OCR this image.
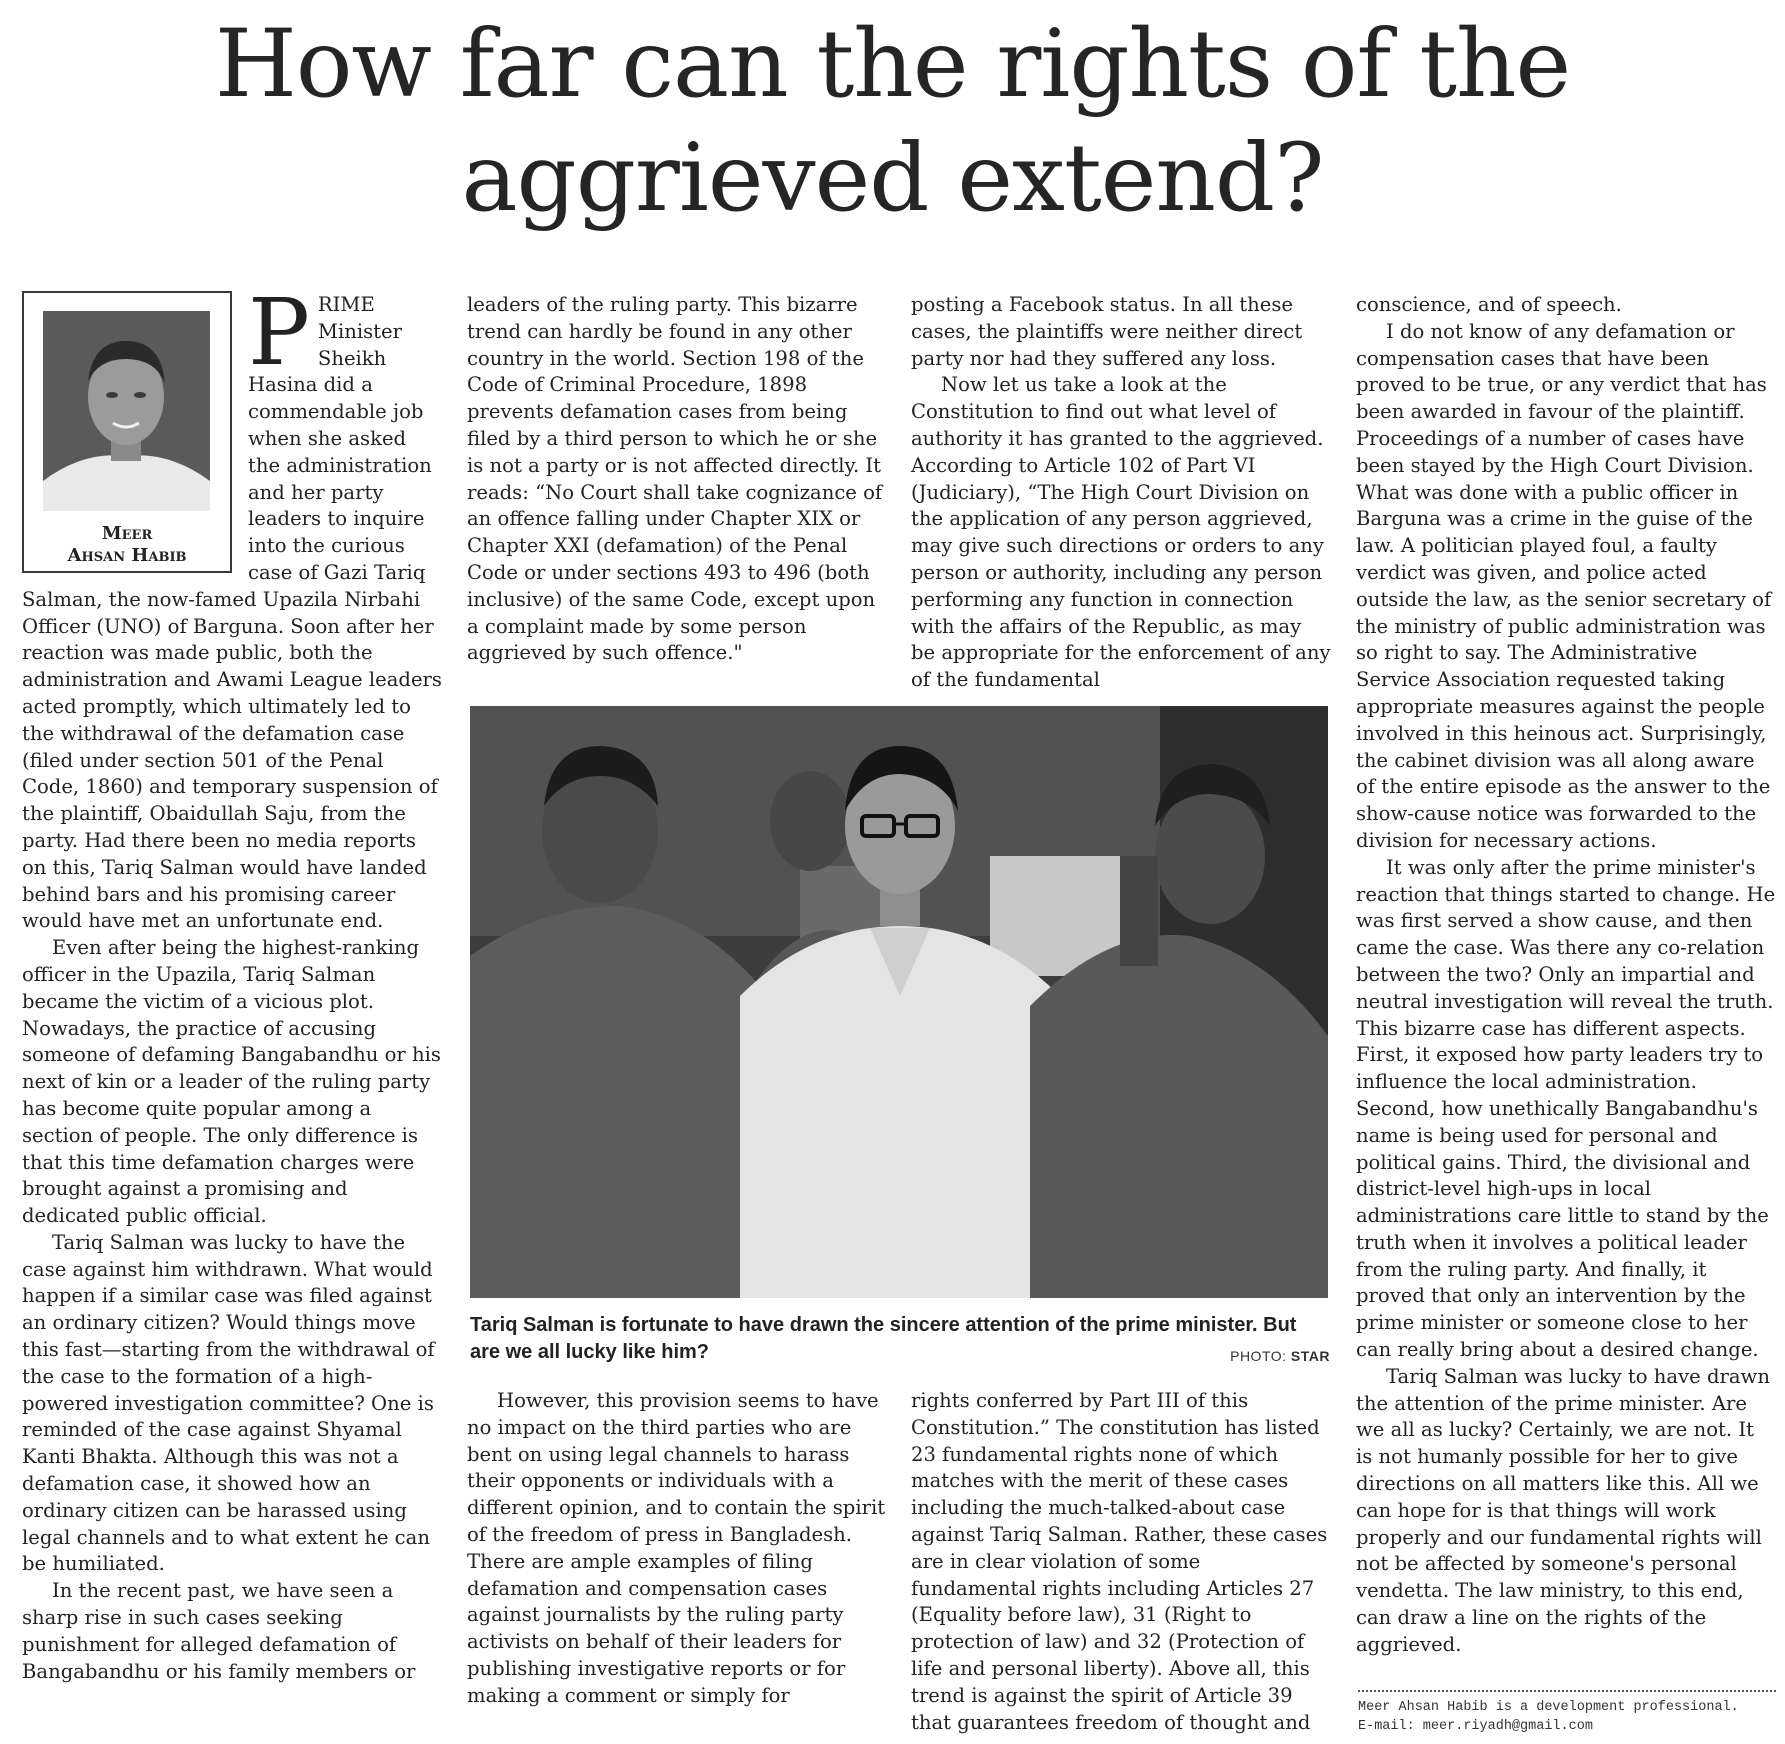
How far can the rights of the
aggrieved extend?
Meer
Ahsan Habib
P RIME Minister Sheikh Hasina did a commendable job when she asked the administration and her party leaders to inquire into the curious case of Gazi Tariq Salman, the now-famed Upazila Nirbahi Officer (UNO) of Barguna. Soon after her reaction was made public, both the administration and Awami League leaders acted promptly, which ultimately led to the withdrawal of the defamation case (filed under section 501 of the Penal Code, 1860) and temporary suspension of the plaintiff, Obaidullah Saju, from the party. Had there been no media reports on this, Tariq Salman would have landed behind bars and his promising career would have met an unfortunate end.

Even after being the highest-ranking officer in the Upazila, Tariq Salman became the victim of a vicious plot. Nowadays, the practice of accusing someone of defaming Bangabandhu or his next of kin or a leader of the ruling party has become quite popular among a section of people. The only difference is that this time defamation charges were brought against a promising and dedicated public official.

Tariq Salman was lucky to have the case against him withdrawn. What would happen if a similar case was filed against an ordinary citizen? Would things move this fast—starting from the withdrawal of the case to the formation of a high-powered investigation committee? One is reminded of the case against Shyamal Kanti Bhakta. Although this was not a defamation case, it showed how an ordinary citizen can be harassed using legal channels and to what extent he can be humiliated.

In the recent past, we have seen a sharp rise in such cases seeking punishment for alleged defamation of Bangabandhu or his family members or

leaders of the ruling party. This bizarre trend can hardly be found in any other country in the world. Section 198 of the Code of Criminal Procedure, 1898 prevents defamation cases from being filed by a third person to which he or she is not a party or is not affected directly. It reads: “No Court shall take cognizance of an offence falling under Chapter XIX or Chapter XXI (defamation) of the Penal Code or under sections 493 to 496 (both inclusive) of the same Code, except upon a complaint made by some person aggrieved by such offence."

posting a Facebook status. In all these cases, the plaintiffs were neither direct party nor had they suffered any loss.

Now let us take a look at the Constitution to find out what level of authority it has granted to the aggrieved. According to Article 102 of Part VI (Judiciary), “The High Court Division on the application of any person aggrieved, may give such directions or orders to any person or authority, including any person performing any function in connection with the affairs of the Republic, as may be appropriate for the enforcement of any of the fundamental

Tariq Salman is fortunate to have drawn the sincere attention of the prime minister. But are we all lucky like him?	PHOTO: STAR

However, this provision seems to have no impact on the third parties who are bent on using legal channels to harass their opponents or individuals with a different opinion, and to contain the spirit of the freedom of press in Bangladesh. There are ample examples of filing defamation and compensation cases against journalists by the ruling party activists on behalf of their leaders for publishing investigative reports or for making a comment or simply for

rights conferred by Part III of this Constitution.” The constitution has listed 23 fundamental rights none of which matches with the merit of these cases including the much-talked-about case against Tariq Salman. Rather, these cases are in clear violation of some fundamental rights including Articles 27 (Equality before law), 31 (Right to protection of law) and 32 (Protection of life and personal liberty). Above all, this trend is against the spirit of Article 39 that guarantees freedom of thought and

conscience, and of speech.

I do not know of any defamation or compensation cases that have been proved to be true, or any verdict that has been awarded in favour of the plaintiff. Proceedings of a number of cases have been stayed by the High Court Division. What was done with a public officer in Barguna was a crime in the guise of the law. A politician played foul, a faulty verdict was given, and police acted outside the law, as the senior secretary of the ministry of public administration was so right to say. The Administrative Service Association requested taking appropriate measures against the people involved in this heinous act. Surprisingly, the cabinet division was all along aware of the entire episode as the answer to the show-cause notice was forwarded to the division for necessary actions.

It was only after the prime minister's reaction that things started to change. He was first served a show cause, and then came the case. Was there any co-relation between the two? Only an impartial and neutral investigation will reveal the truth. This bizarre case has different aspects. First, it exposed how party leaders try to influence the local administration. Second, how unethically Bangabandhu's name is being used for personal and political gains. Third, the divisional and district-level high-ups in local administrations care little to stand by the truth when it involves a political leader from the ruling party. And finally, it proved that only an intervention by the prime minister or someone close to her can really bring about a desired change.

Tariq Salman was lucky to have drawn the attention of the prime minister. Are we all as lucky? Certainly, we are not. It is not humanly possible for her to give directions on all matters like this. All we can hope for is that things will work properly and our fundamental rights will not be affected by someone's personal vendetta. The law ministry, to this end, can draw a line on the rights of the aggrieved.

Meer Ahsan Habib is a development professional.
E-mail: meer.riyadh@gmail.com
